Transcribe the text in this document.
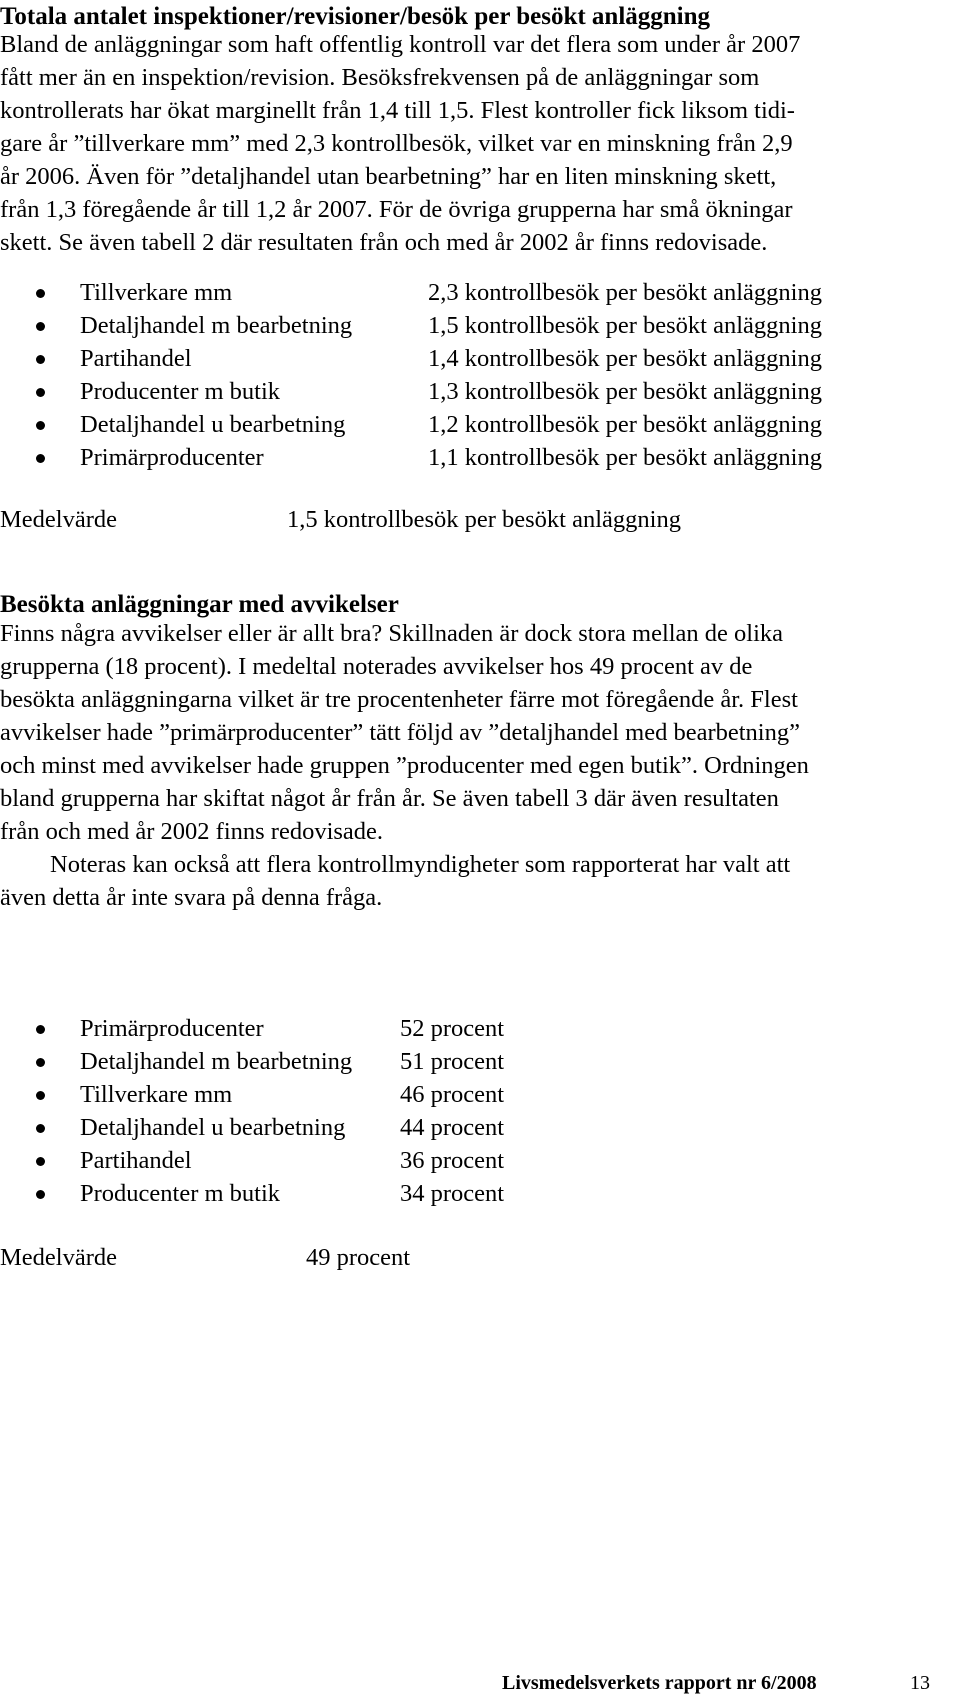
Totala antalet inspektioner/revisioner/besök per besökt anläggning
Bland de anläggningar som haft offentlig kontroll var det flera som under år 2007
fått mer än en inspektion/revision. Besöksfrekvensen på de anläggningar som
kontrollerats har ökat marginellt från 1,4 till 1,5. Flest kontroller fick liksom tidi-
gare år ”tillverkare mm” med 2,3 kontrollbesök, vilket var en minskning från 2,9
år 2006. Även för ”detaljhandel utan bearbetning” har en liten minskning skett,
från 1,3 föregående år till 1,2 år 2007. För de övriga grupperna har små ökningar
skett. Se även tabell 2 där resultaten från och med år 2002 år finns redovisade.
Tillverkare mm	2,3 kontrollbesök per besökt anläggning
Detaljhandel m bearbetning	1,5 kontrollbesök per besökt anläggning
Partihandel	1,4 kontrollbesök per besökt anläggning
Producenter m butik	1,3 kontrollbesök per besökt anläggning
Detaljhandel u bearbetning	1,2 kontrollbesök per besökt anläggning
Primärproducenter	1,1 kontrollbesök per besökt anläggning
Medelvärde	1,5 kontrollbesök per besökt anläggning
Besökta anläggningar med avvikelser
Finns några avvikelser eller är allt bra? Skillnaden är dock stora mellan de olika
grupperna (18 procent). I medeltal noterades avvikelser hos 49 procent av de
besökta anläggningarna vilket är tre procentenheter färre mot föregående år. Flest
avvikelser hade ”primärproducenter” tätt följd av ”detaljhandel med bearbetning”
och minst med avvikelser hade gruppen ”producenter med egen butik”. Ordningen
bland grupperna har skiftat något år från år. Se även tabell 3 där även resultaten
från och med år 2002 finns redovisade.
Noteras kan också att flera kontrollmyndigheter som rapporterat har valt att
även detta år inte svara på denna fråga.
Primärproducenter	52 procent
Detaljhandel m bearbetning 51 procent
Tillverkare mm	46 procent
Detaljhandel u bearbetning 44 procent
Partihandel	36 procent
Producenter m butik	34 procent
Medelvärde	49 procent
Livsmedelsverkets rapport nr 6/2008	13
